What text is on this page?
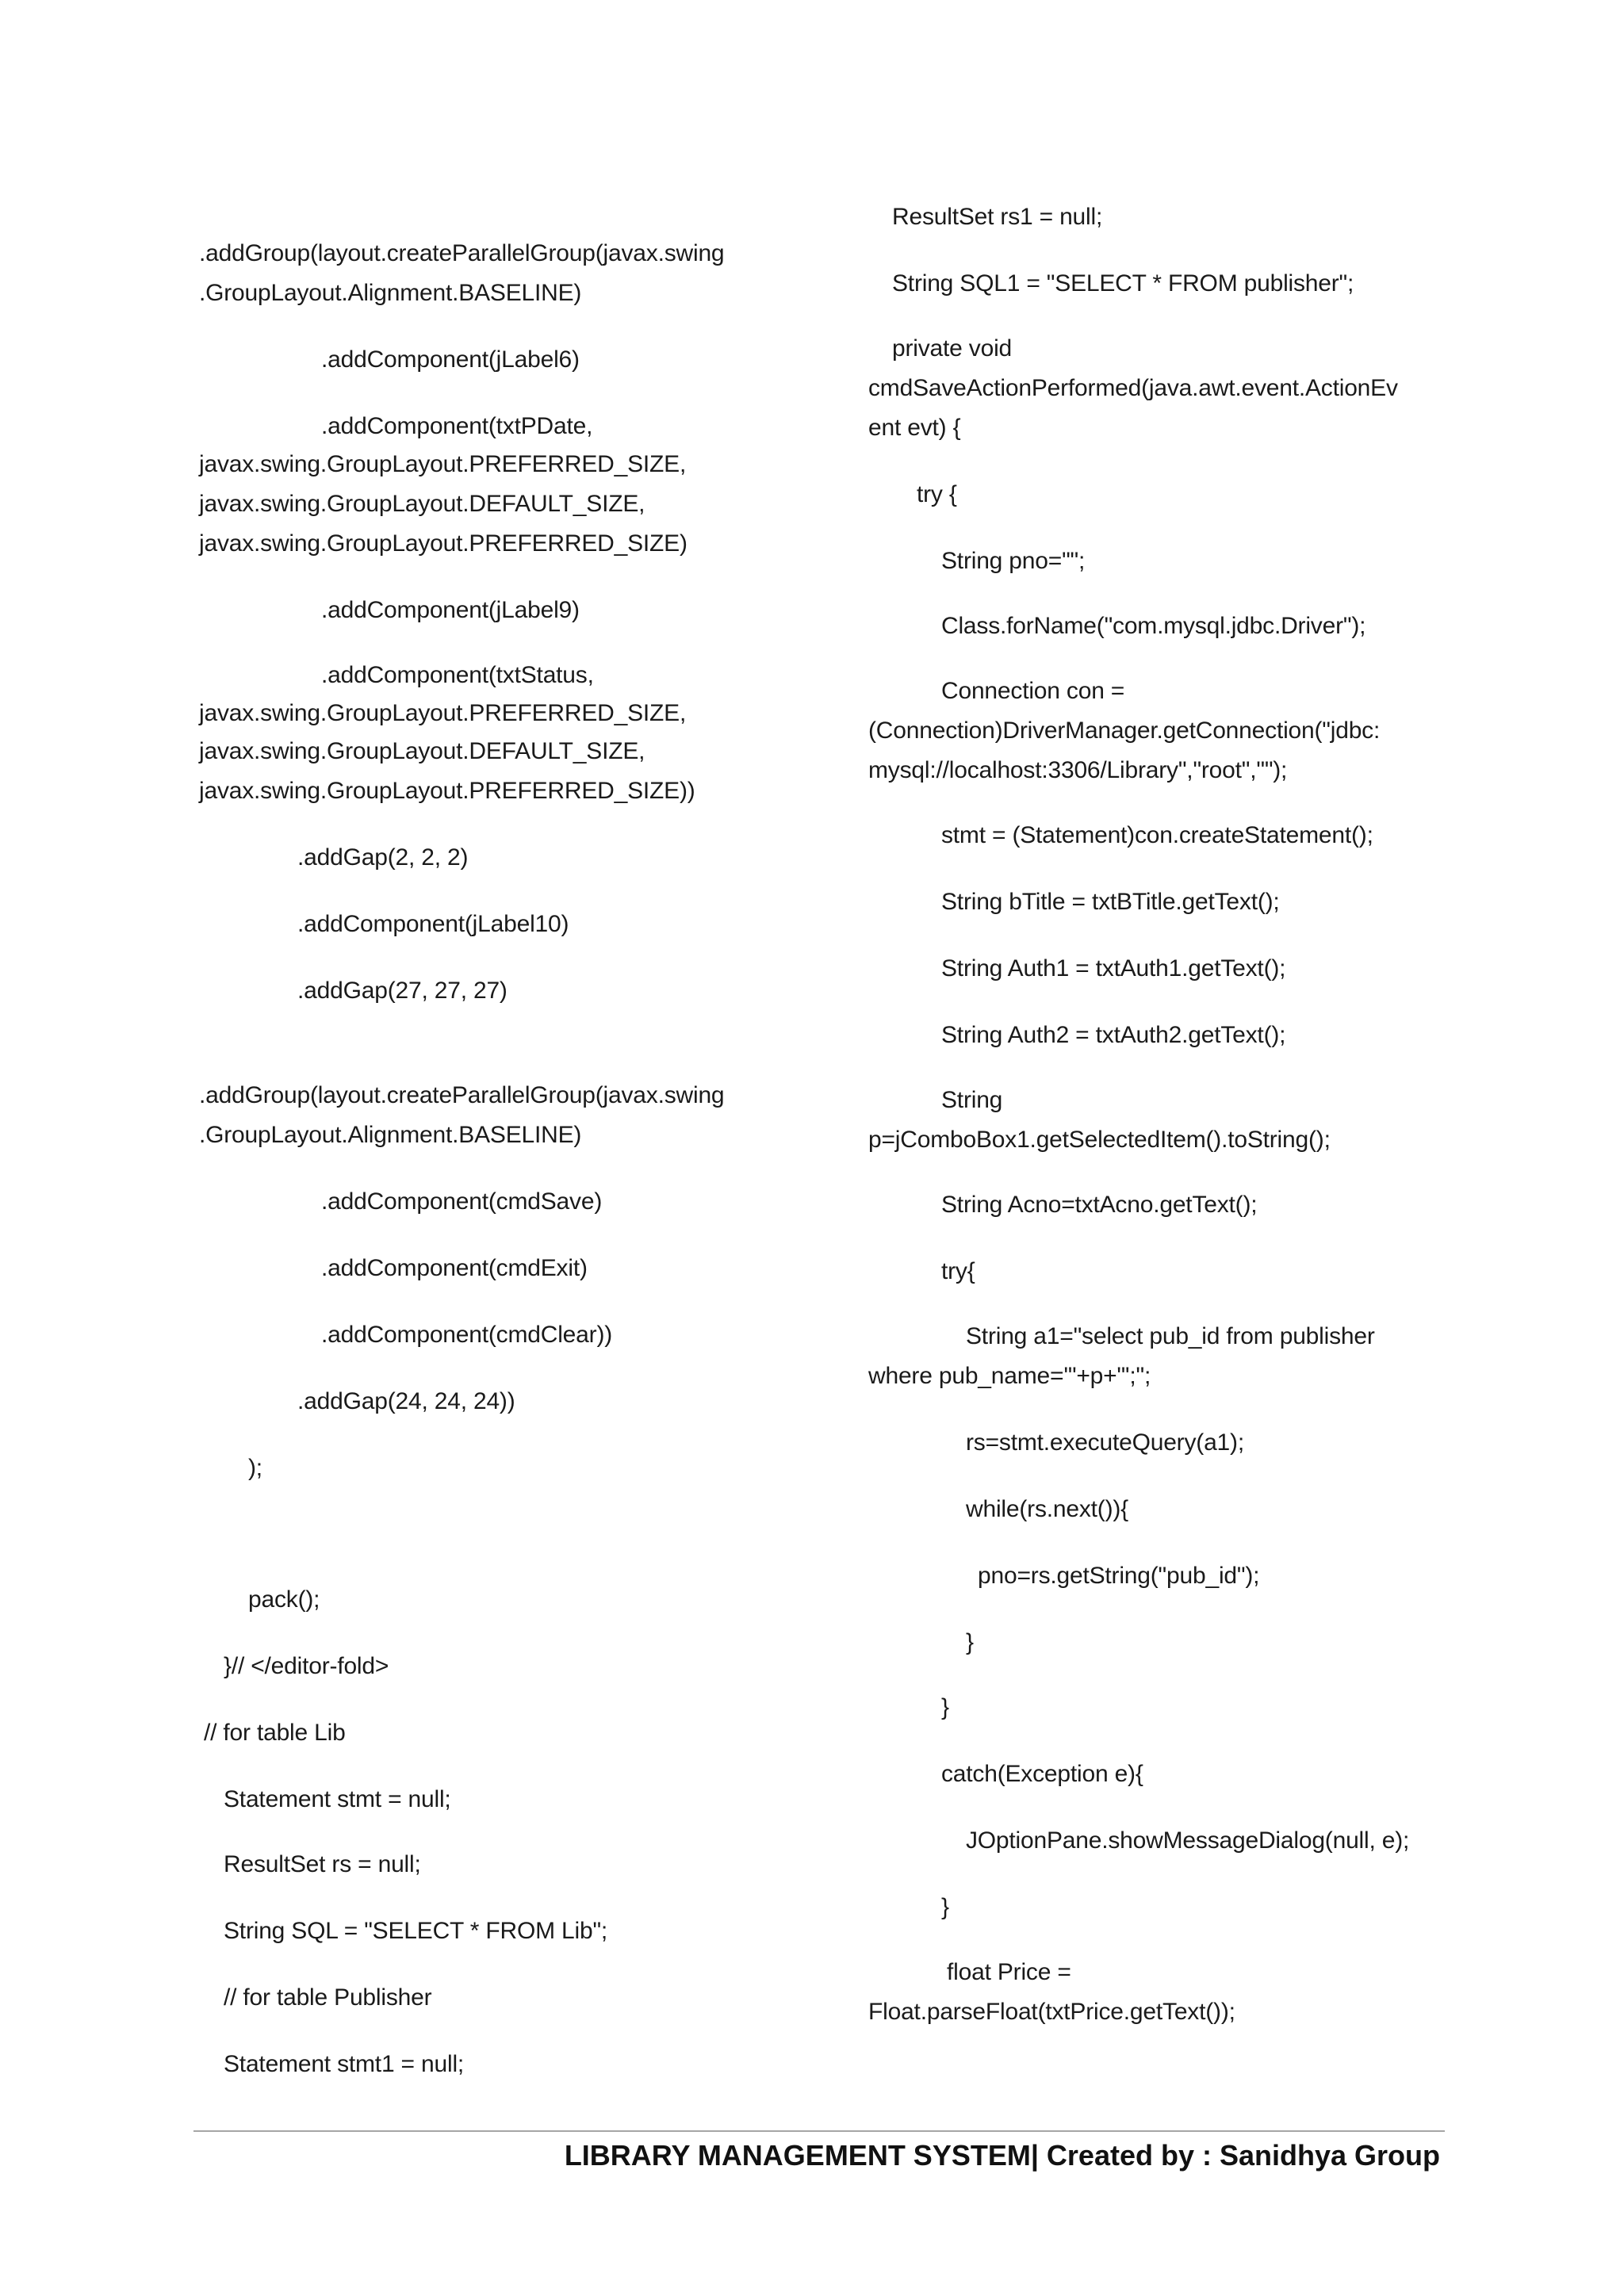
.addGroup(layout.createParallelGroup(javax.swing
.GroupLayout.Alignment.BASELINE)
.addComponent(jLabel6)
.addComponent(txtPDate,
javax.swing.GroupLayout.PREFERRED_SIZE,
javax.swing.GroupLayout.DEFAULT_SIZE,
javax.swing.GroupLayout.PREFERRED_SIZE)
.addComponent(jLabel9)
.addComponent(txtStatus,
javax.swing.GroupLayout.PREFERRED_SIZE,
javax.swing.GroupLayout.DEFAULT_SIZE,
javax.swing.GroupLayout.PREFERRED_SIZE))
.addGap(2, 2, 2)
.addComponent(jLabel10)
.addGap(27, 27, 27)
.addGroup(layout.createParallelGroup(javax.swing
.GroupLayout.Alignment.BASELINE)
.addComponent(cmdSave)
.addComponent(cmdExit)
.addComponent(cmdClear))
.addGap(24, 24, 24))
);
pack();
}// </editor-fold>
// for table Lib
Statement stmt = null;
ResultSet rs = null;
String SQL = "SELECT * FROM Lib";
// for table Publisher
Statement stmt1 = null;
ResultSet rs1 = null;
String SQL1 = "SELECT * FROM publisher";
private void
cmdSaveActionPerformed(java.awt.event.ActionEv
ent evt) {
try {
String pno="";
Class.forName("com.mysql.jdbc.Driver");
Connection con =
(Connection)DriverManager.getConnection("jdbc:
mysql://localhost:3306/Library","root","");
stmt = (Statement)con.createStatement();
String bTitle = txtBTitle.getText();
String Auth1 = txtAuth1.getText();
String Auth2 = txtAuth2.getText();
String
p=jComboBox1.getSelectedItem().toString();
String Acno=txtAcno.getText();
try{
String a1="select pub_id from publisher
where pub_name='"+p+"';";
rs=stmt.executeQuery(a1);
while(rs.next()){
pno=rs.getString("pub_id");
}
}
catch(Exception e){
JOptionPane.showMessageDialog(null, e);
}
float Price =
Float.parseFloat(txtPrice.getText());
LIBRARY MANAGEMENT SYSTEM| Created by : Sanidhya Group
